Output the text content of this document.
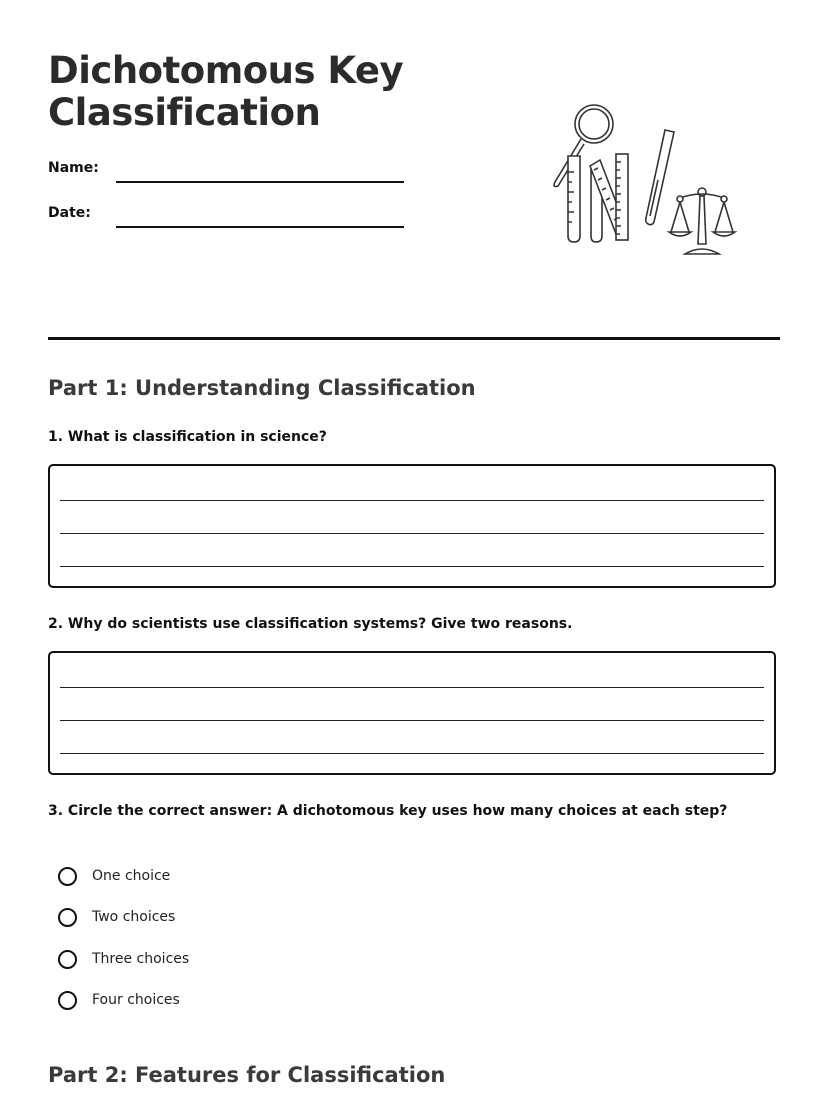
Dichotomous Key
Classification
Name:
Date:
Part 1: Understanding Classification
1. What is classification in science?
2. Why do scientists use classification systems? Give two reasons.
3. Circle the correct answer: A dichotomous key uses how many choices at each step?
One choice
Two choices
Three choices
Four choices
Part 2: Features for Classification
